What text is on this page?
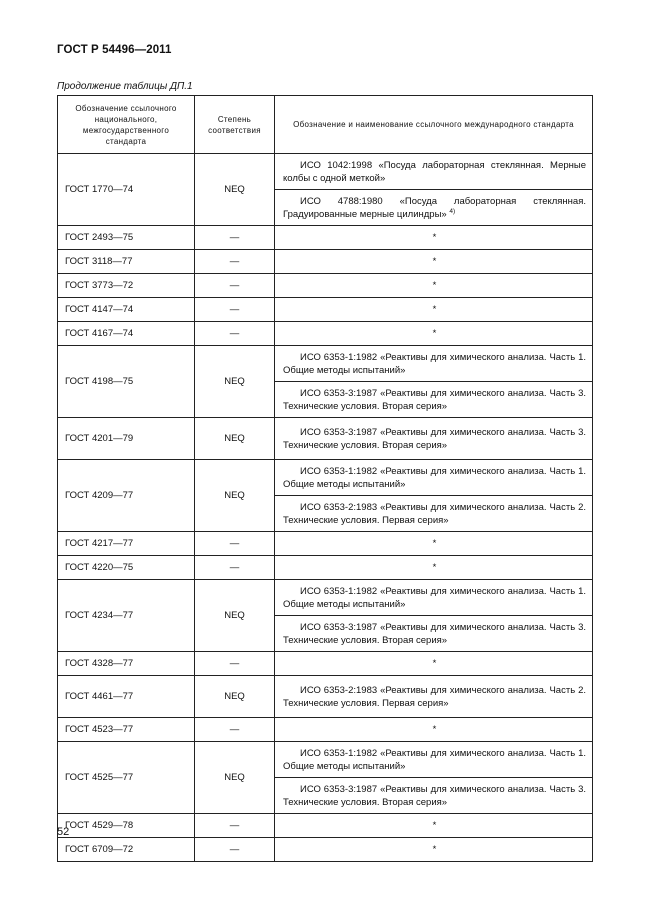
ГОСТ Р 54496—2011
Продолжение таблицы ДП.1
Обозначение ссылочного национального, межгосударственного стандарта	Степень соответствия	Обозначение и наименование ссылочного международного стандарта
ГОСТ 1770—74	NEQ	ИСО 1042:1998 «Посуда лабораторная стеклянная. Мерные колбы с одной меткой»
		ИСО 4788:1980 «Посуда лабораторная стеклянная. Градуированные мерные цилиндры» $^{4)}$
ГОСТ 2493—75	—	*
ГОСТ 3118—77	—	*
ГОСТ 3773—72	—	*
ГОСТ 4147—74	—	*
ГОСТ 4167—74	—	*
ГОСТ 4198—75	NEQ	ИСО 6353-1:1982 «Реактивы для химического анализа. Часть 1. Общие методы испытаний»
		ИСО 6353-3:1987 «Реактивы для химического анализа. Часть 3. Технические условия. Вторая серия»
ГОСТ 4201—79	NEQ	ИСО 6353-3:1987 «Реактивы для химического анализа. Часть 3. Технические условия. Вторая серия»
ГОСТ 4209—77	NEQ	ИСО 6353-1:1982 «Реактивы для химического анализа. Часть 1. Общие методы испытаний»
		ИСО 6353-2:1983 «Реактивы для химического анализа. Часть 2. Технические условия. Первая серия»
ГОСТ 4217—77	—	*
ГОСТ 4220—75	—	*
ГОСТ 4234—77	NEQ	ИСО 6353-1:1982 «Реактивы для химического анализа. Часть 1. Общие методы испытаний»
		ИСО 6353-3:1987 «Реактивы для химического анализа. Часть 3. Технические условия. Вторая серия»
ГОСТ 4328—77	—	*
ГОСТ 4461—77	NEQ	ИСО 6353-2:1983 «Реактивы для химического анализа. Часть 2. Технические условия. Первая серия»
ГОСТ 4523—77	—	*
ГОСТ 4525—77	NEQ	ИСО 6353-1:1982 «Реактивы для химического анализа. Часть 1. Общие методы испытаний»
		ИСО 6353-3:1987 «Реактивы для химического анализа. Часть 3. Технические условия. Вторая серия»
ГОСТ 4529—78	—	*
ГОСТ 6709—72	—	*
52
